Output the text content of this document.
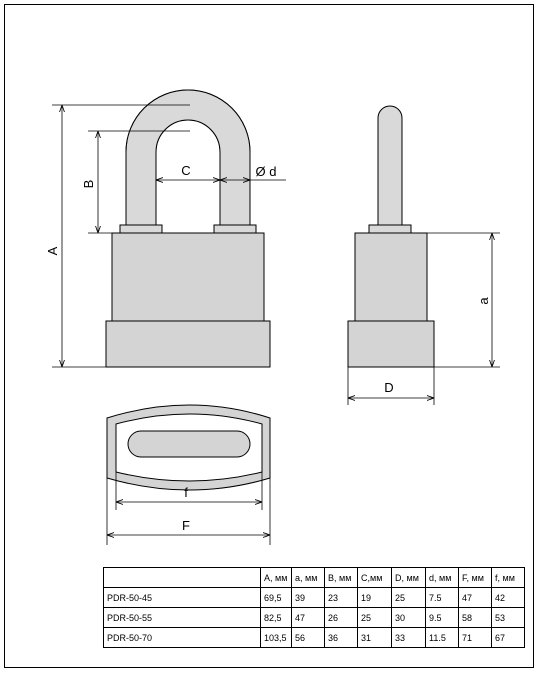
A
B
C	Ø d
a
D
f
F
	A, мм	a, мм	B, мм	C,мм	D, мм	d, мм	F, мм	f, мм
PDR-50-45	69,5	39	23	19	25	7.5	47	42
PDR-50-55	82,5	47	26	25	30	9.5	58	53
PDR-50-70	103,5	56	36	31	33	11.5	71	67
